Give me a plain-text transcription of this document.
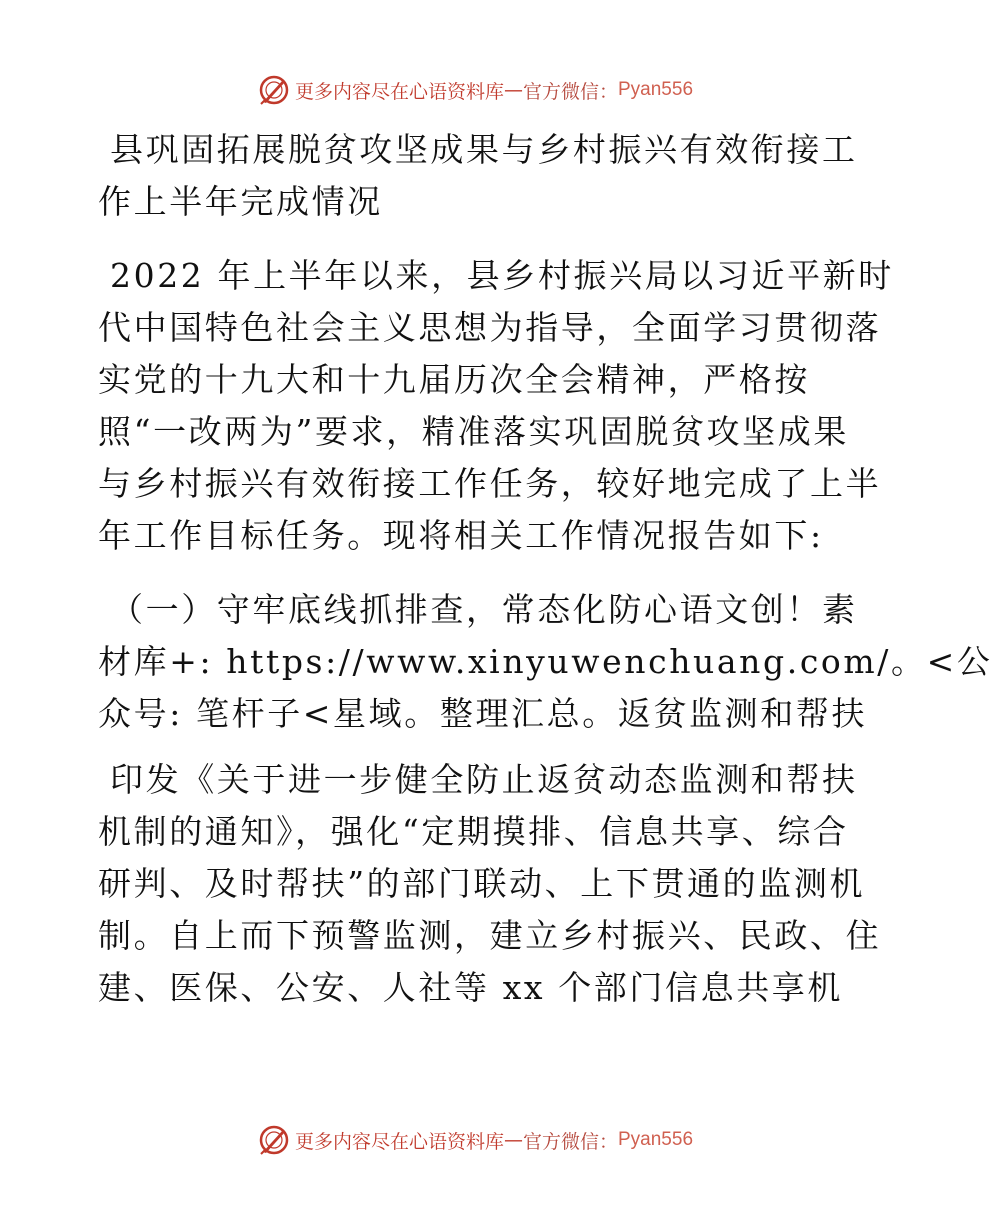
更多内容尽在心语资料库 — 官方微信： Pyan556
县巩固拓展脱贫攻坚成果与乡村振兴有效衔接工
作上半年完成情况
2022 年上半年以来，县乡村振兴局以习近平新时
代中国特色社会主义思想为指导，全面学习贯彻落
实党的十九大和十九届历次全会精神，严格按
照“一改两为”要求，精准落实巩固脱贫攻坚成果
与乡村振兴有效衔接工作任务，较好地完成了上半
年工作目标任务。现将相关工作情况报告如下:
（一）守牢底线抓排查，常态化防心语文创！素
材库+: https://www.xinyuwenchuang.com/。<公
众号: 笔杆子<星域。整理汇总。返贫监测和帮扶
印发《关于进一步健全防止返贫动态监测和帮扶
机制的通知》，强化“定期摸排、信息共享、综合
研判、及时帮扶”的部门联动、上下贯通的监测机
制。自上而下预警监测，建立乡村振兴、民政、住
建、医保、公安、人社等 xx 个部门信息共享机
更多内容尽在心语资料库 — 官方微信： Pyan556
